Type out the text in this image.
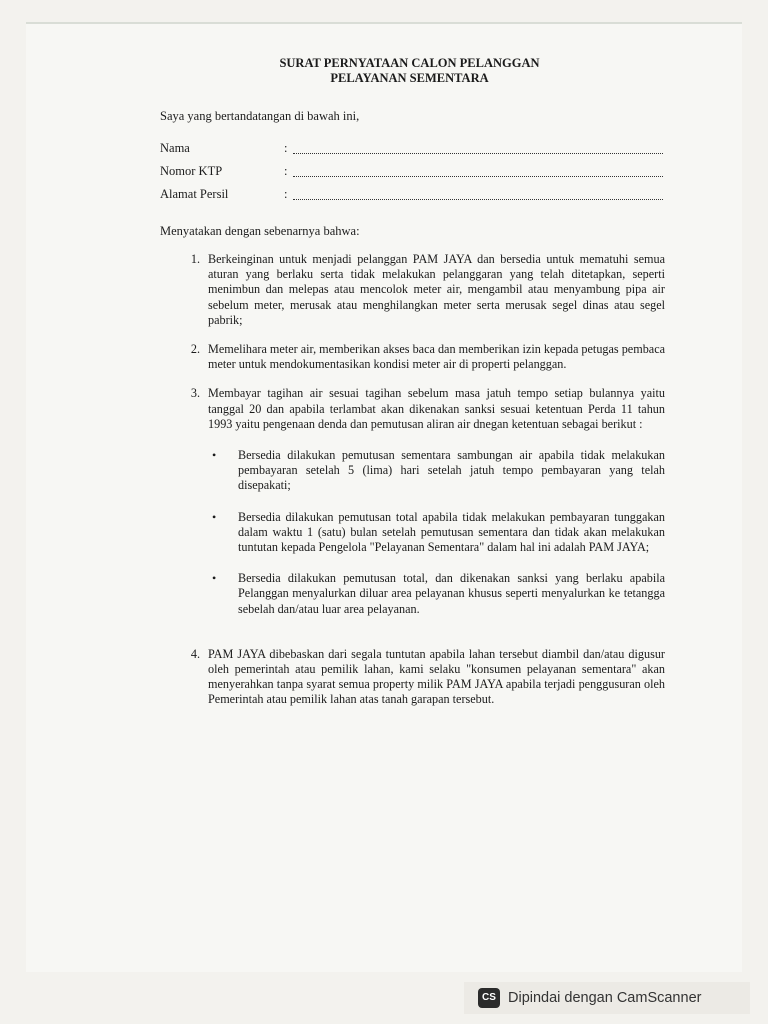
SURAT PERNYATAAN CALON PELANGGAN
PELAYANAN SEMENTARA
Saya yang bertandatangan di bawah ini,
Nama	:
Nomor KTP	:
Alamat Persil	:
Menyatakan dengan sebenarnya bahwa:
1. Berkeinginan untuk menjadi pelanggan PAM JAYA dan bersedia untuk mematuhi semua aturan yang berlaku serta tidak melakukan pelanggaran yang telah ditetapkan, seperti menimbun dan melepas atau mencolok meter air, mengambil atau menyambung pipa air sebelum meter, merusak atau menghilangkan meter serta merusak segel dinas atau segel pabrik;
2. Memelihara meter air, memberikan akses baca dan memberikan izin kepada petugas pembaca meter untuk mendokumentasikan kondisi meter air di properti pelanggan.
3. Membayar tagihan air sesuai tagihan sebelum masa jatuh tempo setiap bulannya yaitu tanggal 20 dan apabila terlambat akan dikenakan sanksi sesuai ketentuan Perda 11 tahun 1993 yaitu pengenaan denda dan pemutusan aliran air dnegan ketentuan sebagai berikut :
•	Bersedia dilakukan pemutusan sementara sambungan air apabila tidak melakukan pembayaran setelah 5 (lima) hari setelah jatuh tempo pembayaran yang telah disepakati;
•	Bersedia dilakukan pemutusan total apabila tidak melakukan pembayaran tunggakan dalam waktu 1 (satu) bulan setelah pemutusan sementara dan tidak akan melakukan tuntutan kepada Pengelola "Pelayanan Sementara" dalam hal ini adalah PAM JAYA;
•	Bersedia dilakukan pemutusan total, dan dikenakan sanksi yang berlaku apabila Pelanggan menyalurkan diluar area pelayanan khusus seperti menyalurkan ke tetangga sebelah dan/atau luar area pelayanan.
4. PAM JAYA dibebaskan dari segala tuntutan apabila lahan tersebut diambil dan/atau digusur oleh pemerintah atau pemilik lahan, kami selaku "konsumen pelayanan sementara" akan menyerahkan tanpa syarat semua property milik PAM JAYA apabila terjadi penggusuran oleh Pemerintah atau pemilik lahan atas tanah garapan tersebut.
CS Dipindai dengan CamScanner
